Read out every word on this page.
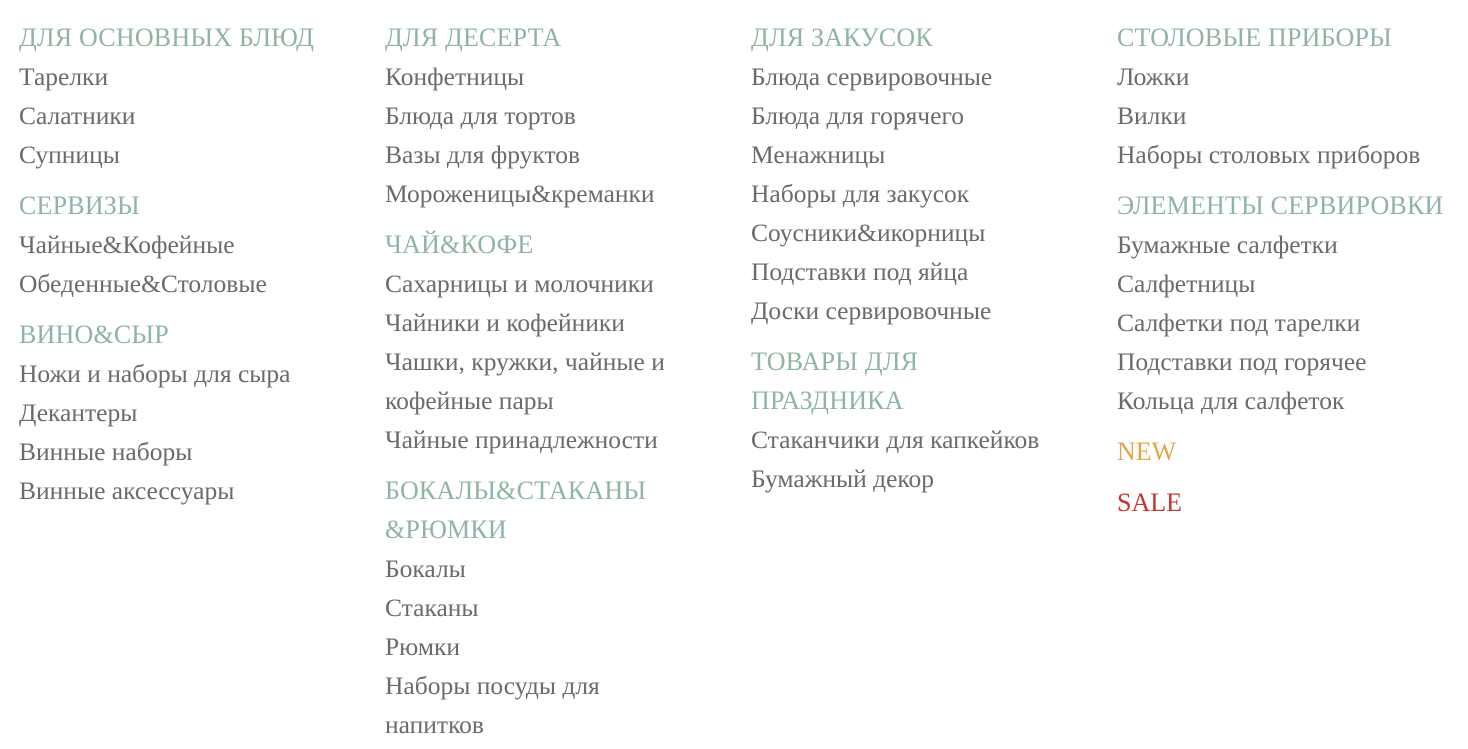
ДЛЯ ОСНОВНЫХ БЛЮД
Тарелки
Салатники
Супницы
СЕРВИЗЫ
Чайные&Кофейные
Обеденные&Столовые
ВИНО&СЫР
Ножи и наборы для сыра
Декантеры
Винные наборы
Винные аксессуары
ДЛЯ ДЕСЕРТА
Конфетницы
Блюда для тортов
Вазы для фруктов
Мороженицы&креманки
ЧАЙ&КОФЕ
Сахарницы и молочники
Чайники и кофейники
Чашки, кружки, чайные и кофейные пары
Чайные принадлежности
БОКАЛЫ&СТАКАНЫ &РЮМКИ
Бокалы
Стаканы
Рюмки
Наборы посуды для напитков
ДЛЯ ЗАКУСОК
Блюда сервировочные
Блюда для горячего
Менажницы
Наборы для закусок
Соусники&икорницы
Подставки под яйца
Доски сервировочные
ТОВАРЫ ДЛЯ ПРАЗДНИКА
Стаканчики для капкейков
Бумажный декор
СТОЛОВЫЕ ПРИБОРЫ
Ложки
Вилки
Наборы столовых приборов
ЭЛЕМЕНТЫ СЕРВИРОВКИ
Бумажные салфетки
Салфетницы
Салфетки под тарелки
Подставки под горячее
Кольца для салфеток
NEW
SALE
